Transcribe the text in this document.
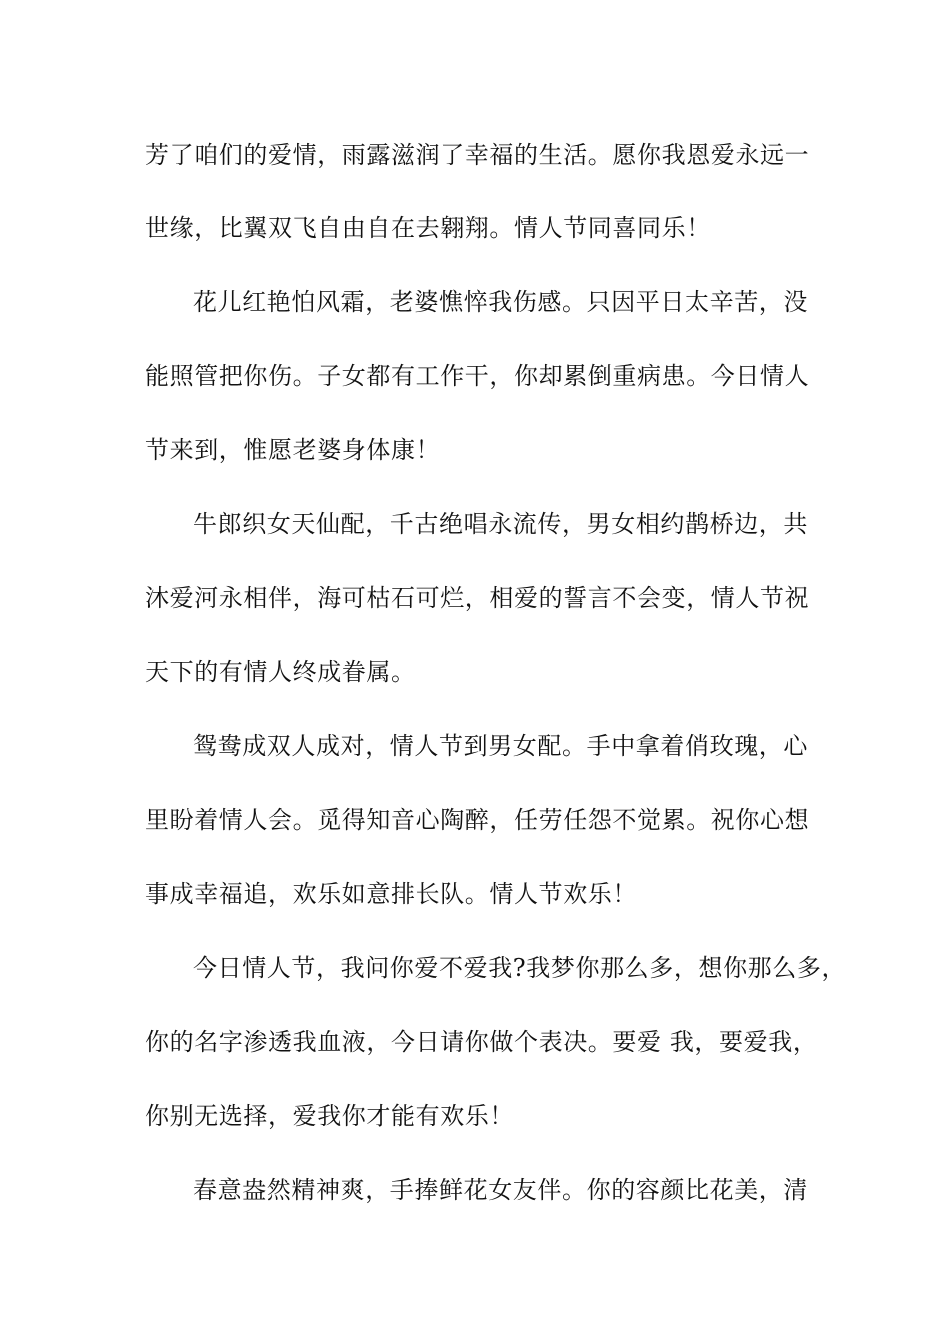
芳了咱们的爱情，雨露滋润了幸福的生活。愿你我恩爱永远一
世缘，比翼双飞自由自在去翱翔。情人节同喜同乐！
花儿红艳怕风霜，老婆憔悴我伤感。只因平日太辛苦，没
能照管把你伤。子女都有工作干，你却累倒重病患。今日情人
节来到，惟愿老婆身体康！
牛郎织女天仙配，千古绝唱永流传，男女相约鹊桥边，共
沐爱河永相伴，海可枯石可烂，相爱的誓言不会变，情人节祝
天下的有情人终成眷属。
鸳鸯成双人成对，情人节到男女配。手中拿着俏玫瑰，心
里盼着情人会。觅得知音心陶醉，任劳任怨不觉累。祝你心想
事成幸福追，欢乐如意排长队。情人节欢乐！
今日情人节，我问你爱不爱我?我梦你那么多，想你那么多，
你的名字渗透我血液，今日请你做个表决。要爱 我，要爱我，
你别无选择，爱我你才能有欢乐！
春意盎然精神爽，手捧鲜花女友伴。你的容颜比花美，清
